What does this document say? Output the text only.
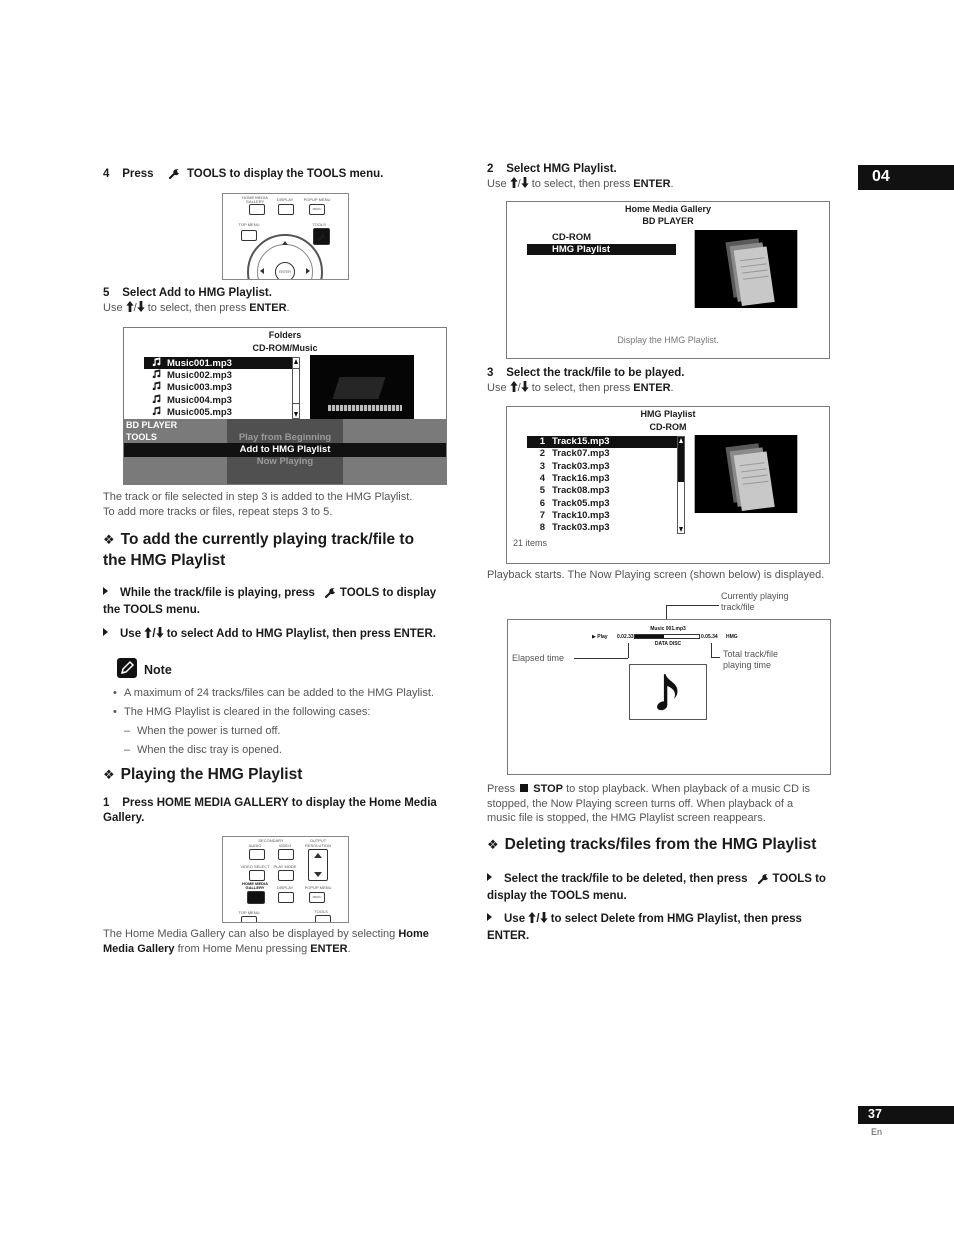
04
4 Press	TOOLS to display the TOOLS menu.
HOME MEDIA GALLERY	DISPLAY	POPUP MENU
MENU
TOP MENU	TOOLS
ENTER
5 Select Add to HMG Playlist.
Use / to select, then press ENTER.
Folders
CD-ROM/Music
Music001.mp3
Music002.mp3
Music003.mp3
Music004.mp3
Music005.mp3
BD PLAYER
TOOLS	Play from Beginning
Add to HMG Playlist
Now Playing
The track or file selected in step 3 is added to the HMG Playlist.
To add more tracks or files, repeat steps 3 to 5.
❖ To add the currently playing track/file to
the HMG Playlist
While the track/file is playing, press TOOLS to display
the TOOLS menu.
Use / to select Add to HMG Playlist, then press ENTER.
Note
• A maximum of 24 tracks/files can be added to the HMG Playlist.
• The HMG Playlist is cleared in the following cases:
– When the power is turned off.
– When the disc tray is opened.
❖ Playing the HMG Playlist
1 Press HOME MEDIA GALLERY to display the Home Media
Gallery.
SECONDARY
AUDIO	VIDEO
OUTPUT
RESOLUTION
VIDEO SELECT PLAY MODE
HOME MEDIA
GALLERY	DISPLAY	POPUP MENU
MENU
TOP MENU	TOOLS
The Home Media Gallery can also be displayed by selecting Home
Media Gallery from Home Menu pressing ENTER.
2 Select HMG Playlist.
Use / to select, then press ENTER.
Home Media Gallery
BD PLAYER
CD-ROM
HMG Playlist
Display the HMG Playlist.
3 Select the track/file to be played.
Use / to select, then press ENTER.
HMG Playlist
CD-ROM
1 Track15.mp3
2 Track07.mp3
3 Track03.mp3
4 Track16.mp3
5 Track08.mp3
6 Track05.mp3
7 Track10.mp3
8 Track03.mp3
21 items
Playback starts. The Now Playing screen (shown below) is displayed.
Currently playing
track/file
Elapsed time
▶ Play 0.02.33
Music 001.mp3
0.05.34 HMG
DATA DISC
Total track/file
playing time
Press STOP to stop playback. When playback of a music CD is
stopped, the Now Playing screen turns off. When playback of a
music file is stopped, the HMG Playlist screen reappears.
❖ Deleting tracks/files from the HMG Playlist
Select the track/file to be deleted, then press TOOLS to
display the TOOLS menu.
Use / to select Delete from HMG Playlist, then press
ENTER.
37
En
